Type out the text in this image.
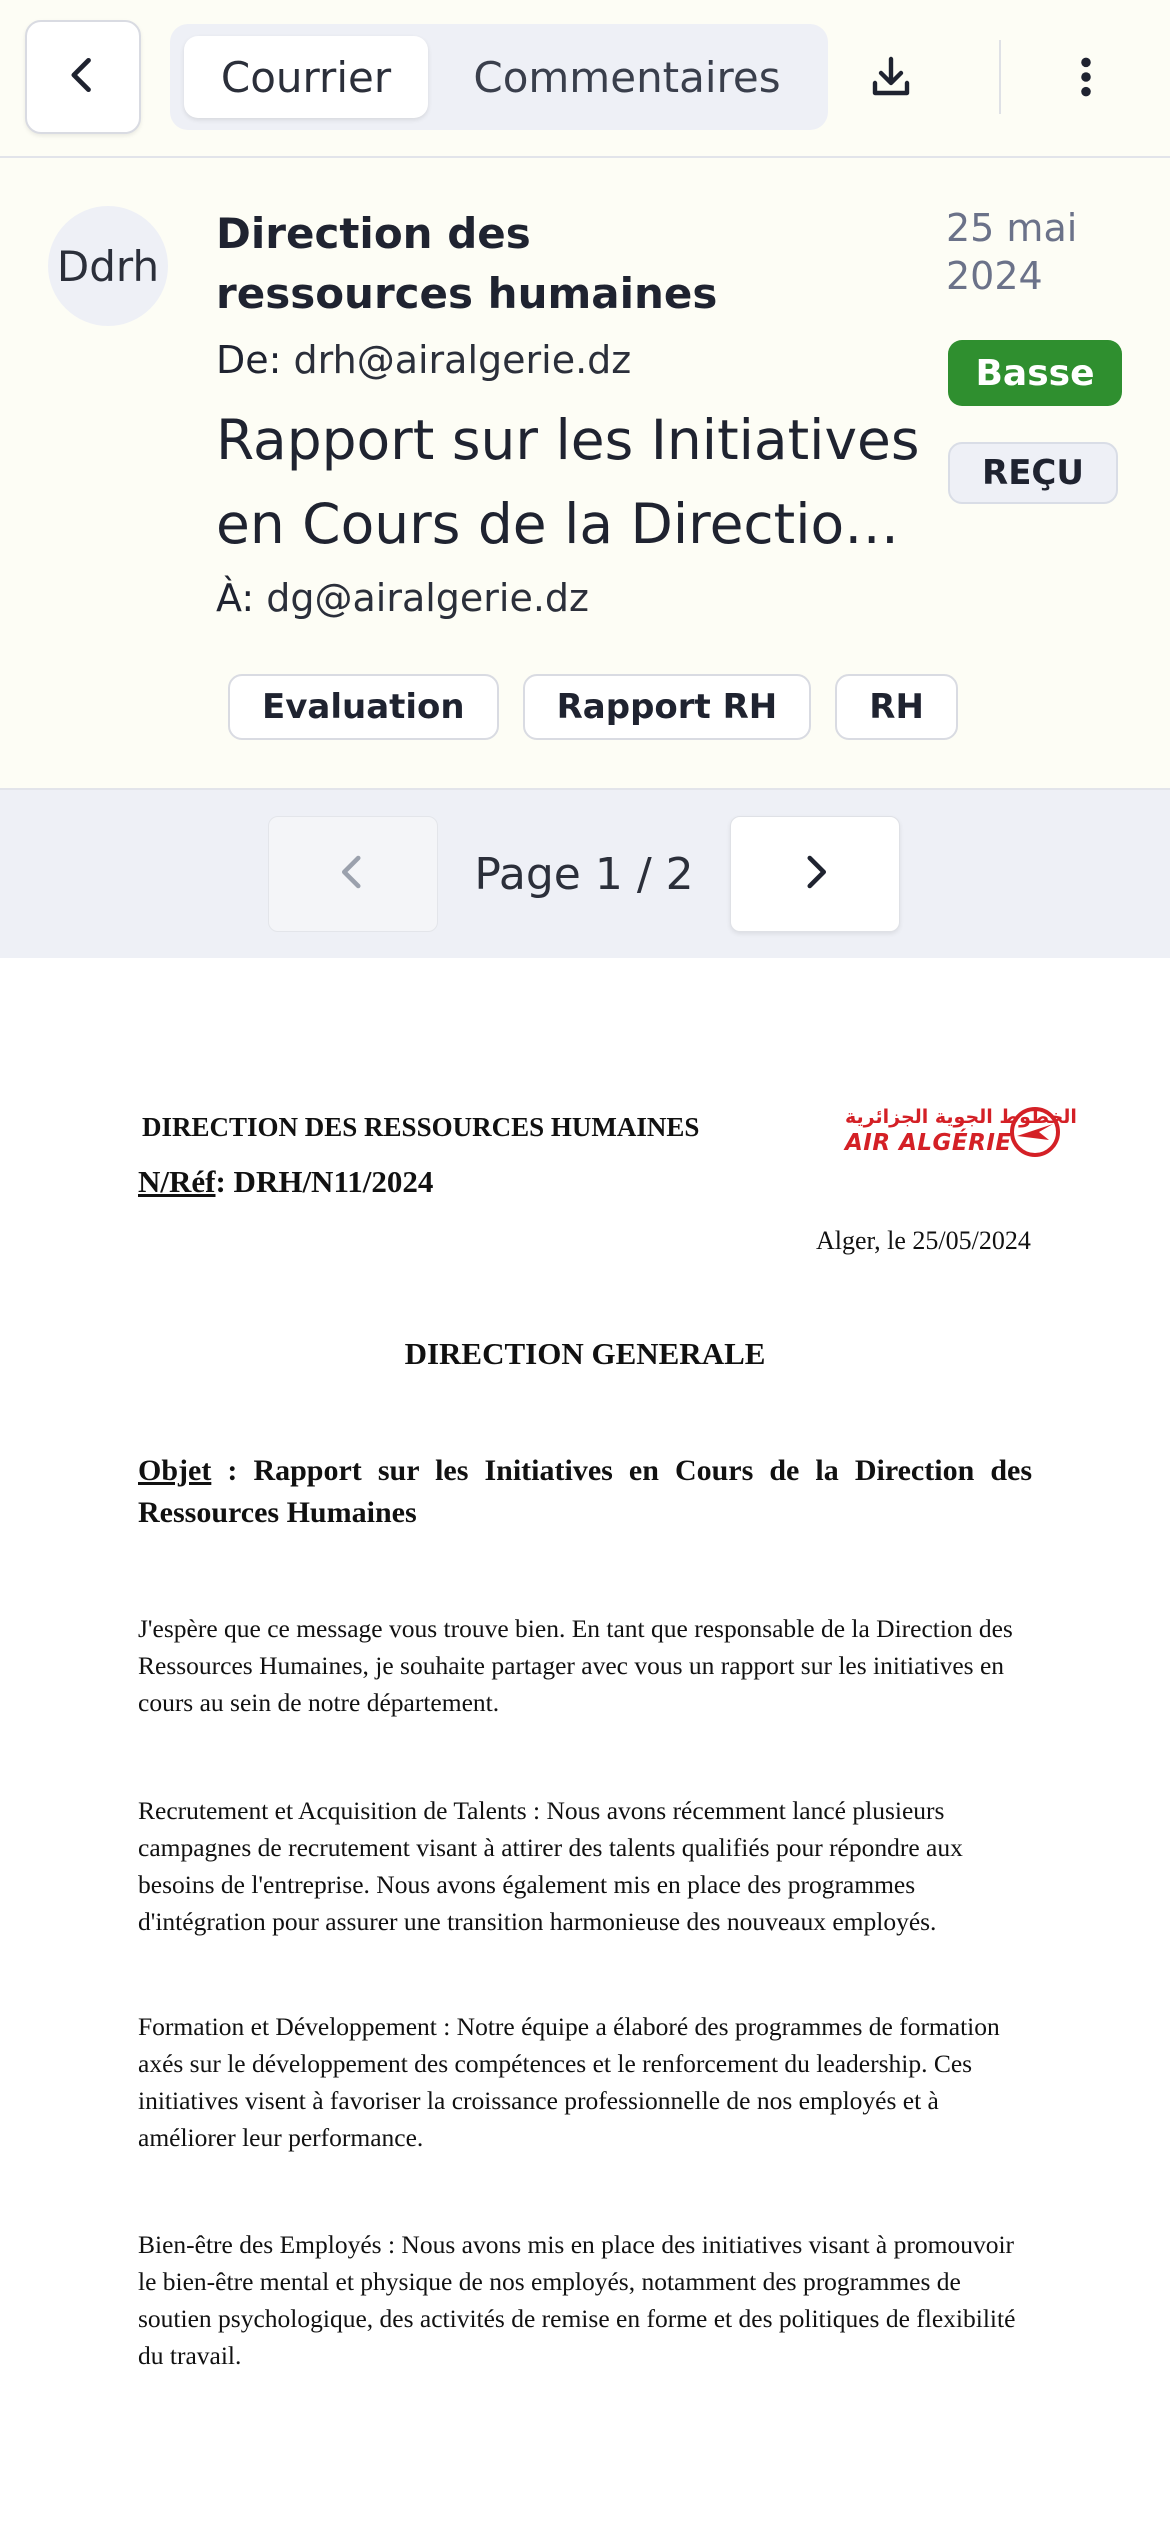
Courrier	Commentaires
Ddrh
Direction des ressources humaines
De: drh@airalgerie.dz
Rapport sur les Initiatives en Cours de la Direction
À: dg@airalgerie.dz
25 mai 2024
Basse
REÇU
Evaluation	Rapport RH	RH
Page 1 / 2
DIRECTION DES RESSOURCES HUMAINES
N/Réf: DRH/N11/2024
الخطوط الجوية الجزائرية
AIR ALGÉRIE
Alger, le 25/05/2024
DIRECTION GENERALE
Objet : Rapport sur les Initiatives en Cours de la Direction des Ressources Humaines
J'espère que ce message vous trouve bien. En tant que responsable de la Direction des Ressources Humaines, je souhaite partager avec vous un rapport sur les initiatives en cours au sein de notre département.
Recrutement et Acquisition de Talents : Nous avons récemment lancé plusieurs campagnes de recrutement visant à attirer des talents qualifiés pour répondre aux besoins de l'entreprise. Nous avons également mis en place des programmes d'intégration pour assurer une transition harmonieuse des nouveaux employés.
Formation et Développement : Notre équipe a élaboré des programmes de formation axés sur le développement des compétences et le renforcement du leadership. Ces initiatives visent à favoriser la croissance professionnelle de nos employés et à améliorer leur performance.
Bien-être des Employés : Nous avons mis en place des initiatives visant à promouvoir le bien-être mental et physique de nos employés, notamment des programmes de soutien psychologique, des activités de remise en forme et des politiques de flexibilité du travail.
